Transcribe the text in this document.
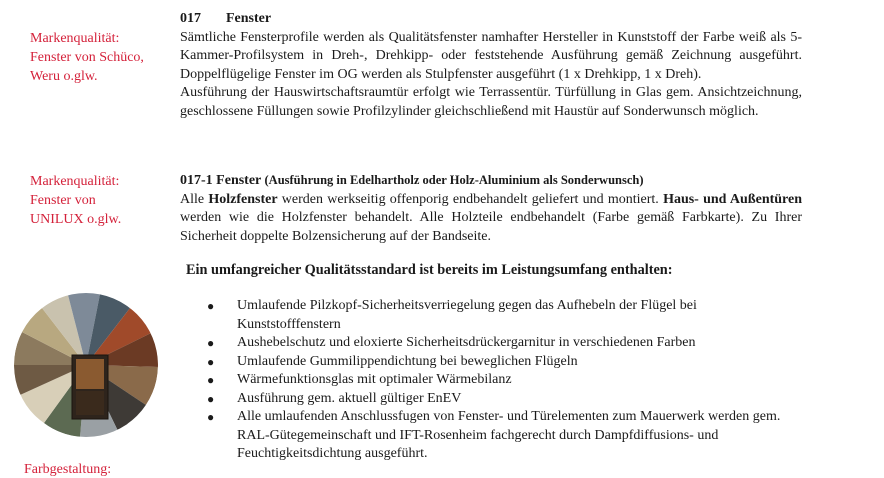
Markenqualität:
Fenster von Schüco,
Weru o.glw.
Markenqualität:
Fenster von
UNILUX o.glw.
017 Fenster
Sämtliche Fensterprofile werden als Qualitätsfenster namhafter Hersteller in Kunststoff der Farbe weiß als 5-Kammer-Profilsystem in Dreh-, Drehkipp- oder feststehende Ausführung gemäß Zeichnung ausgeführt. Doppelflügelige Fenster im OG werden als Stulpfenster ausgeführt (1 x Drehkipp, 1 x Dreh).
Ausführung der Hauswirtschaftsraumtür erfolgt wie Terrassentür. Türfüllung in Glas gem. Ansichtzeichnung, geschlossene Füllungen sowie Profilzylinder gleichschließend mit Haustür auf Sonderwunsch möglich.
017-1 Fenster (Ausführung in Edelhartholz oder Holz-Aluminium als Sonderwunsch)
Alle Holzfenster werden werkseitig offenporig endbehandelt geliefert und montiert. Haus- und Außentüren werden wie die Holzfenster behandelt. Alle Holzteile endbehandelt (Farbe gemäß Farbkarte). Zu Ihrer Sicherheit doppelte Bolzensicherung auf der Bandseite.
Ein umfangreicher Qualitätsstandard ist bereits im Leistungsumfang enthalten:
● Umlaufende Pilzkopf-Sicherheitsverriegelung gegen das Aufhebeln der Flügel bei Kunststofffenstern
● Aushebelschutz und eloxierte Sicherheitsdrückergarnitur in verschiedenen Farben
● Umlaufende Gummilippendichtung bei beweglichen Flügeln
● Wärmefunktionsglas mit optimaler Wärmebilanz
● Ausführung gem. aktuell gültiger EnEV
● Alle umlaufenden Anschlussfugen von Fenster- und Türelementen zum Mauerwerk werden gem. RAL-Gütegemeinschaft und IFT-Rosenheim fachgerecht durch Dampfdiffusions- und Feuchtigkeitsdichtung ausgeführt.
Farbgestaltung:
